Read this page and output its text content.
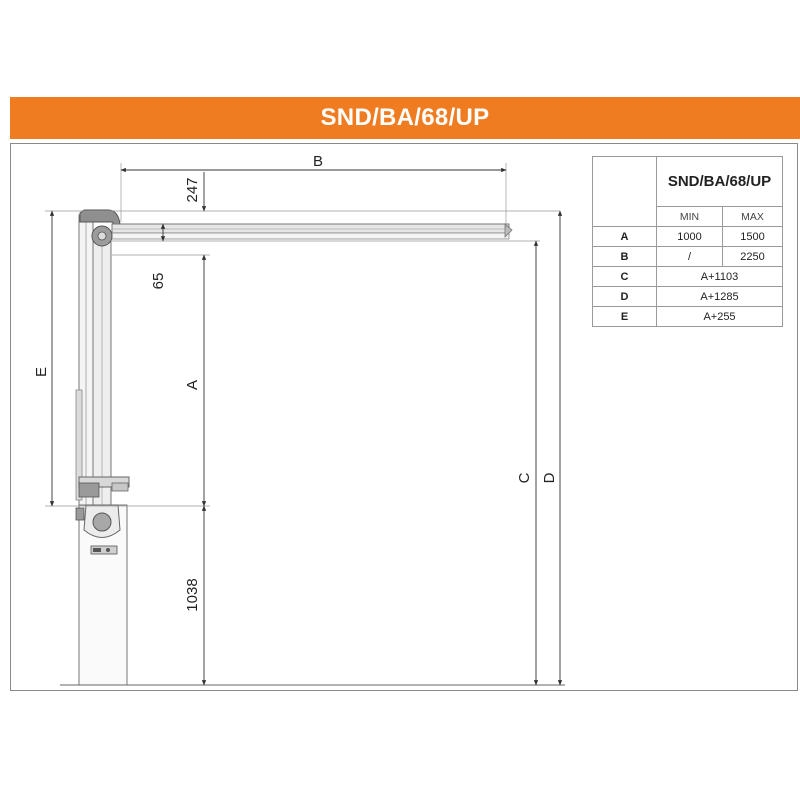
SND/BA/68/UP
B
247
65
A
1038
E
C D
	SND/BA/68/UP	
	MIN	MAX
A	1000	1500
B	/	2250
C	A+1103	
D	A+1285	
E	A+255	
